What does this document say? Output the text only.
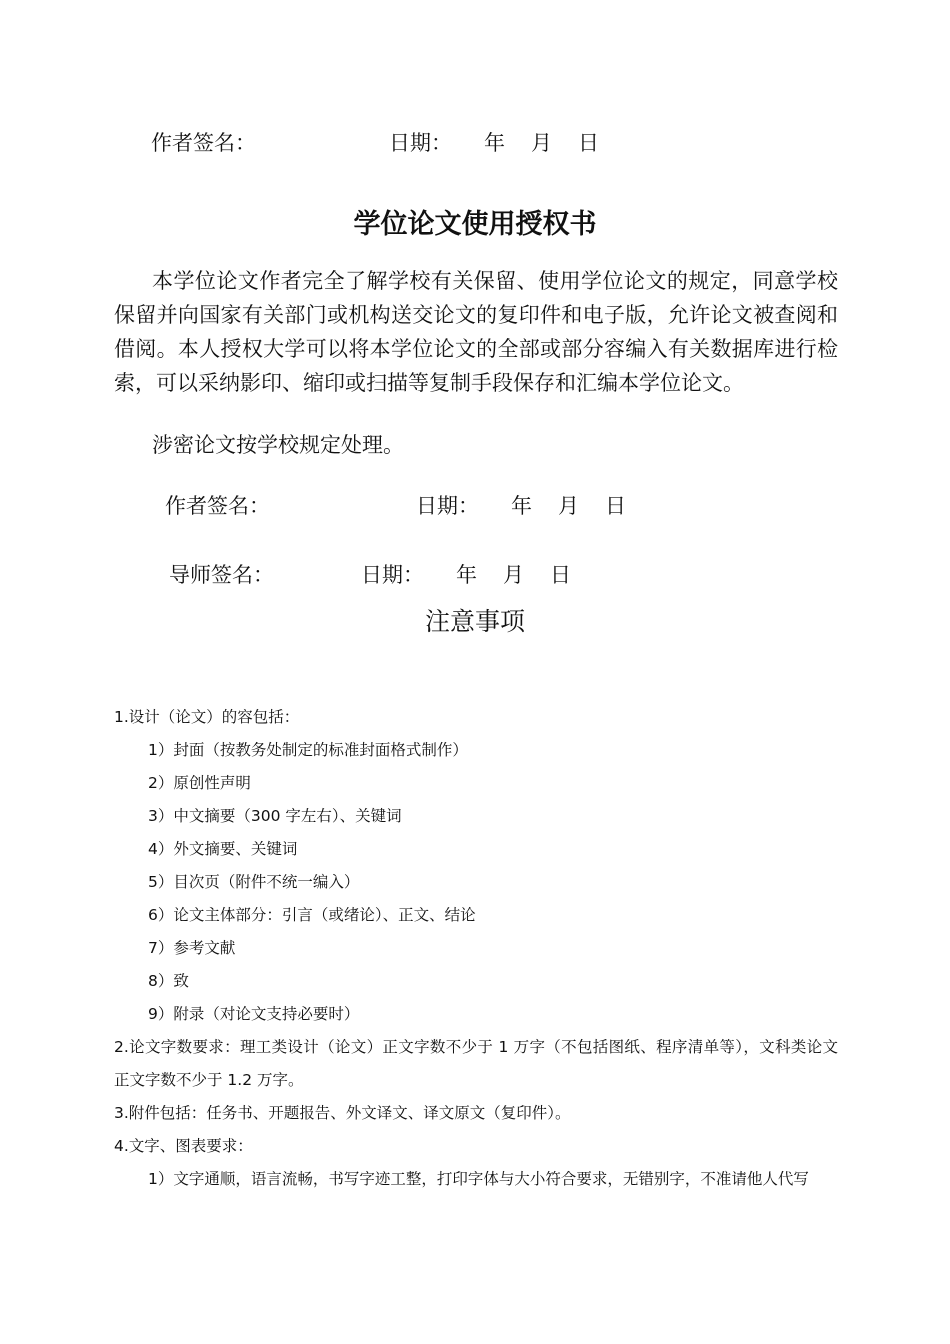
作者签名：	日期： 年 月 日
学位论文使用授权书
本学位论文作者完全了解学校有关保留、使用学位论文的规定，同意学校保留并向国家有关部门或机构送交论文的复印件和电子版，允许论文被查阅和借阅。本人授权大学可以将本学位论文的全部或部分容编入有关数据库进行检索，可以采纳影印、缩印或扫描等复制手段保存和汇编本学位论文。
涉密论文按学校规定处理。
作者签名：	日期： 年 月 日
导师签名：	日期： 年 月 日
注意事项
1.设计（论文）的容包括：
1）封面（按教务处制定的标准封面格式制作）
2）原创性声明
3）中文摘要（300 字左右）、关键词
4）外文摘要、关键词
5）目次页（附件不统一编入）
6）论文主体部分：引言（或绪论）、正文、结论
7）参考文献
8）致
9）附录（对论文支持必要时）
2.论文字数要求：理工类设计（论文）正文字数不少于 1 万字（不包括图纸、程序清单等），文科类论文正文字数不少于 1.2 万字。
3.附件包括：任务书、开题报告、外文译文、译文原文（复印件）。
4.文字、图表要求：
1）文字通顺，语言流畅，书写字迹工整，打印字体与大小符合要求，无错别字，不准请他人代写
